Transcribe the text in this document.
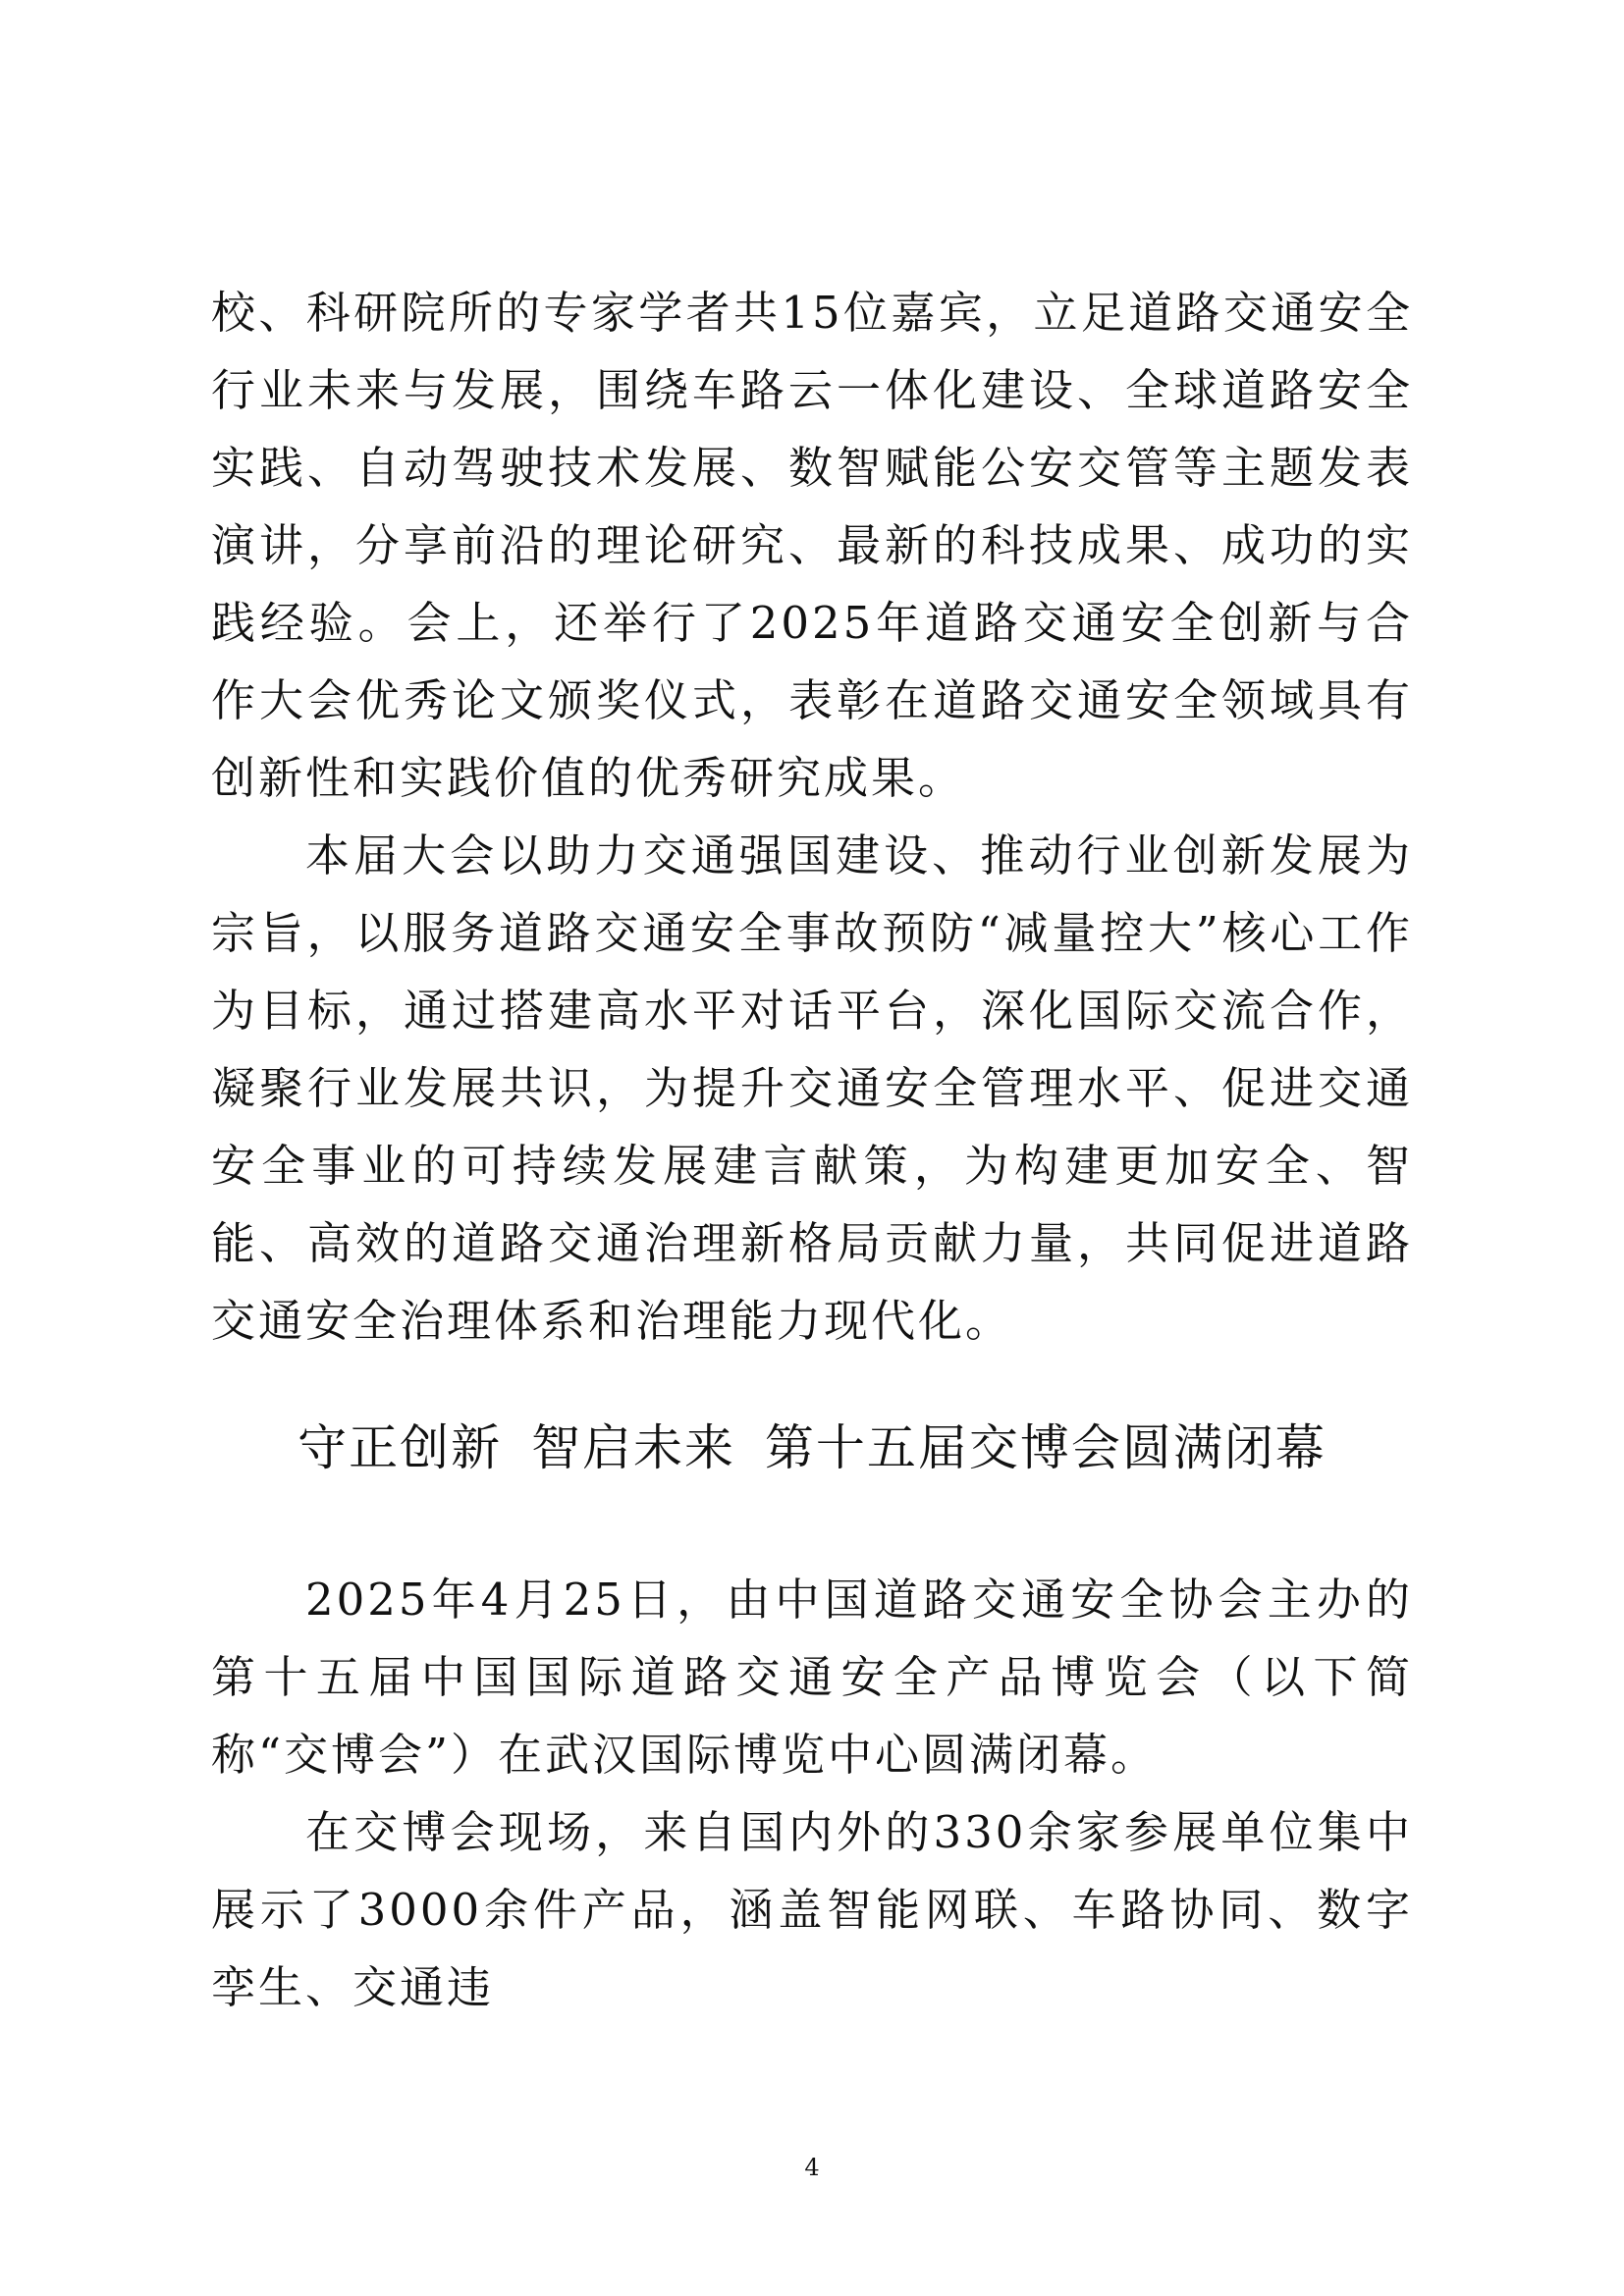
校、科研院所的专家学者共15位嘉宾，立足道路交通安全行业未来与发展，围绕车路云一体化建设、全球道路安全实践、自动驾驶技术发展、数智赋能公安交管等主题发表演讲，分享前沿的理论研究、最新的科技成果、成功的实践经验。会上，还举行了2025年道路交通安全创新与合作大会优秀论文颁奖仪式，表彰在道路交通安全领域具有创新性和实践价值的优秀研究成果。

本届大会以助力交通强国建设、推动行业创新发展为宗旨，以服务道路交通安全事故预防“减量控大”核心工作为目标，通过搭建高水平对话平台，深化国际交流合作，凝聚行业发展共识，为提升交通安全管理水平、促进交通安全事业的可持续发展建言献策，为构建更加安全、智能、高效的道路交通治理新格局贡献力量，共同促进道路交通安全治理体系和治理能力现代化。

守正创新 智启未来 第十五届交博会圆满闭幕

2025年4月25日，由中国道路交通安全协会主办的第十五届中国国际道路交通安全产品博览会（以下简称“交博会”）在武汉国际博览中心圆满闭幕。

在交博会现场，来自国内外的330余家参展单位集中展示了3000余件产品，涵盖智能网联、车路协同、数字孪生、交通违

4
